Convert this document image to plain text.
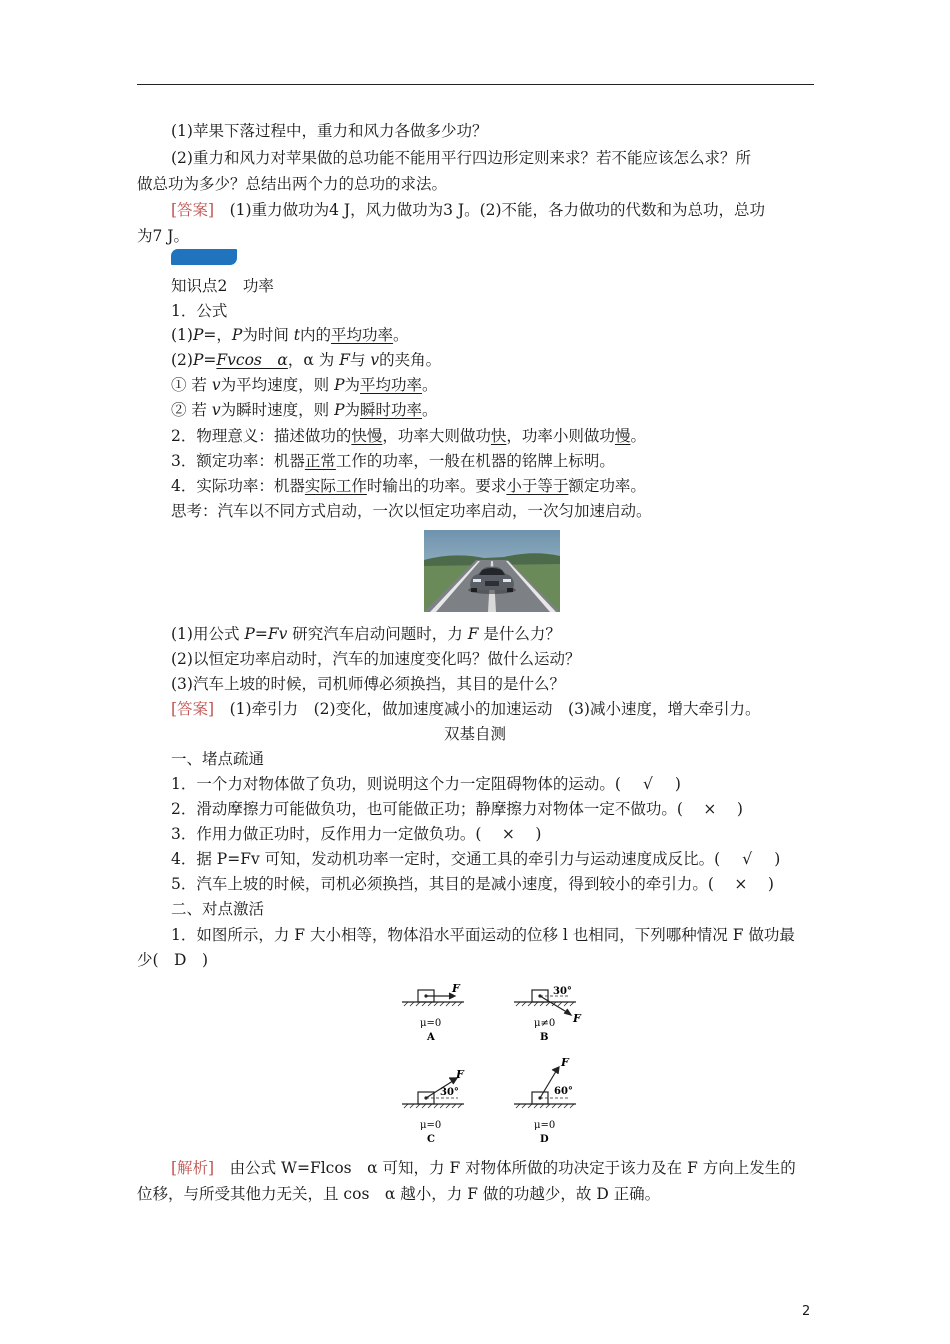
(1)苹果下落过程中，重力和风力各做多少功？
(2)重力和风力对苹果做的总功能不能用平行四边形定则来求？若不能应该怎么求？所
做总功为多少？总结出两个力的总功的求法。
[答案]　 (1)重力做功为4 J，风力做功为3 J。(2)不能，各力做功的代数和为总功，总功
为7 J。
知识点2　功率
1．公式
(1)P=，P为时间 t内的平均功率。
(2)P=Fvcos　α，α 为 F与 v的夹角。
① 若 v为平均速度，则 P为平均功率。
② 若 v为瞬时速度，则 P为瞬时功率。
2．物理意义：描述做功的快慢，功率大则做功快，功率小则做功慢。
3．额定功率：机器正常工作的功率，一般在机器的铭牌上标明。
4．实际功率：机器实际工作时输出的功率。要求小于等于额定功率。
思考：汽车以不同方式启动，一次以恒定功率启动，一次匀加速启动。
(1)用公式 P=Fv 研究汽车启动问题时，力 F 是什么力？
(2)以恒定功率启动时，汽车的加速度变化吗？做什么运动？
(3)汽车上坡的时候，司机师傅必须换挡，其目的是什么？
[答案]　(1)牵引力　(2)变化，做加速度减小的加速运动　(3)减小速度，增大牵引力。
双基自测
一、堵点疏通
1．一个力对物体做了负功，则说明这个力一定阻碍物体的运动。( √ )
2．滑动摩擦力可能做负功，也可能做正功；静摩擦力对物体一定不做功。( × )
3．作用力做正功时，反作用力一定做负功。( × )
4．据 P=Fv 可知，发动机功率一定时，交通工具的牵引力与运动速度成反比。( √ )
5．汽车上坡的时候，司机必须换挡，其目的是减小速度，得到较小的牵引力。( × )
二、对点激活
1．如图所示，力 F 大小相等，物体沿水平面运动的位移 l 也相同，下列哪种情况 F 做功最
少(　D　)
F
μ=0
A
30°
F
μ≠0
B
F
30°
μ=0
C
F
60°
μ=0
D
[解析]　由公式 W=Flcos　α 可知，力 F 对物体所做的功决定于该力及在 F 方向上发生的
位移，与所受其他力无关，且 cos　α 越小，力 F 做的功越少，故 D 正确。
2
